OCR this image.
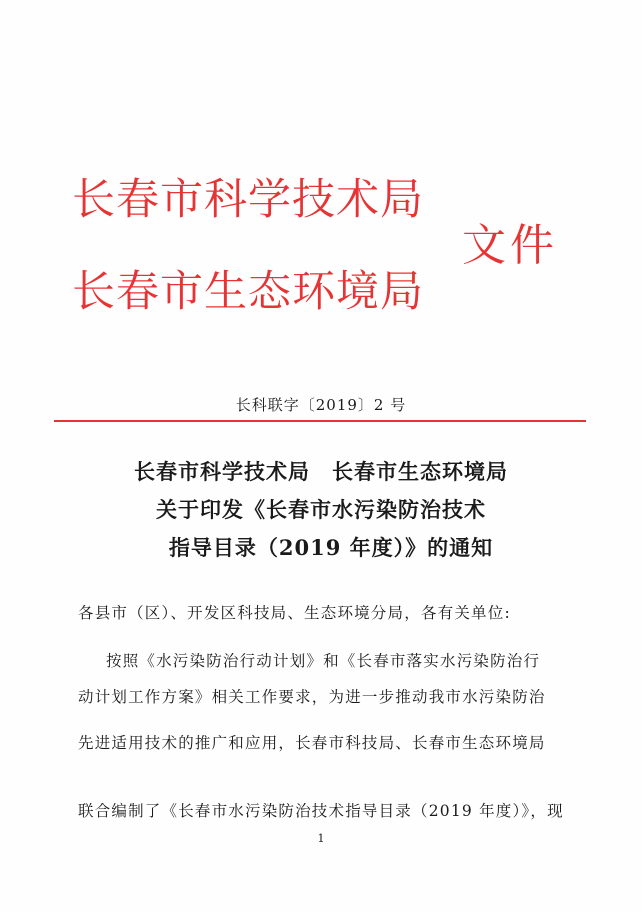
长春市科学技术局
长春市生态环境局
文件
长科联字〔2019〕2 号
长春市科学技术局　长春市生态环境局
关于印发《长春市水污染防治技术
指导目录（2019 年度）》的通知
各县市（区）、开发区科技局、生态环境分局，各有关单位:
按照《水污染防治行动计划》和《长春市落实水污染防治行
动计划工作方案》相关工作要求，为进一步推动我市水污染防治
先进适用技术的推广和应用，长春市科技局、长春市生态环境局
联合编制了《长春市水污染防治技术指导目录（2019 年度）》，现
1
